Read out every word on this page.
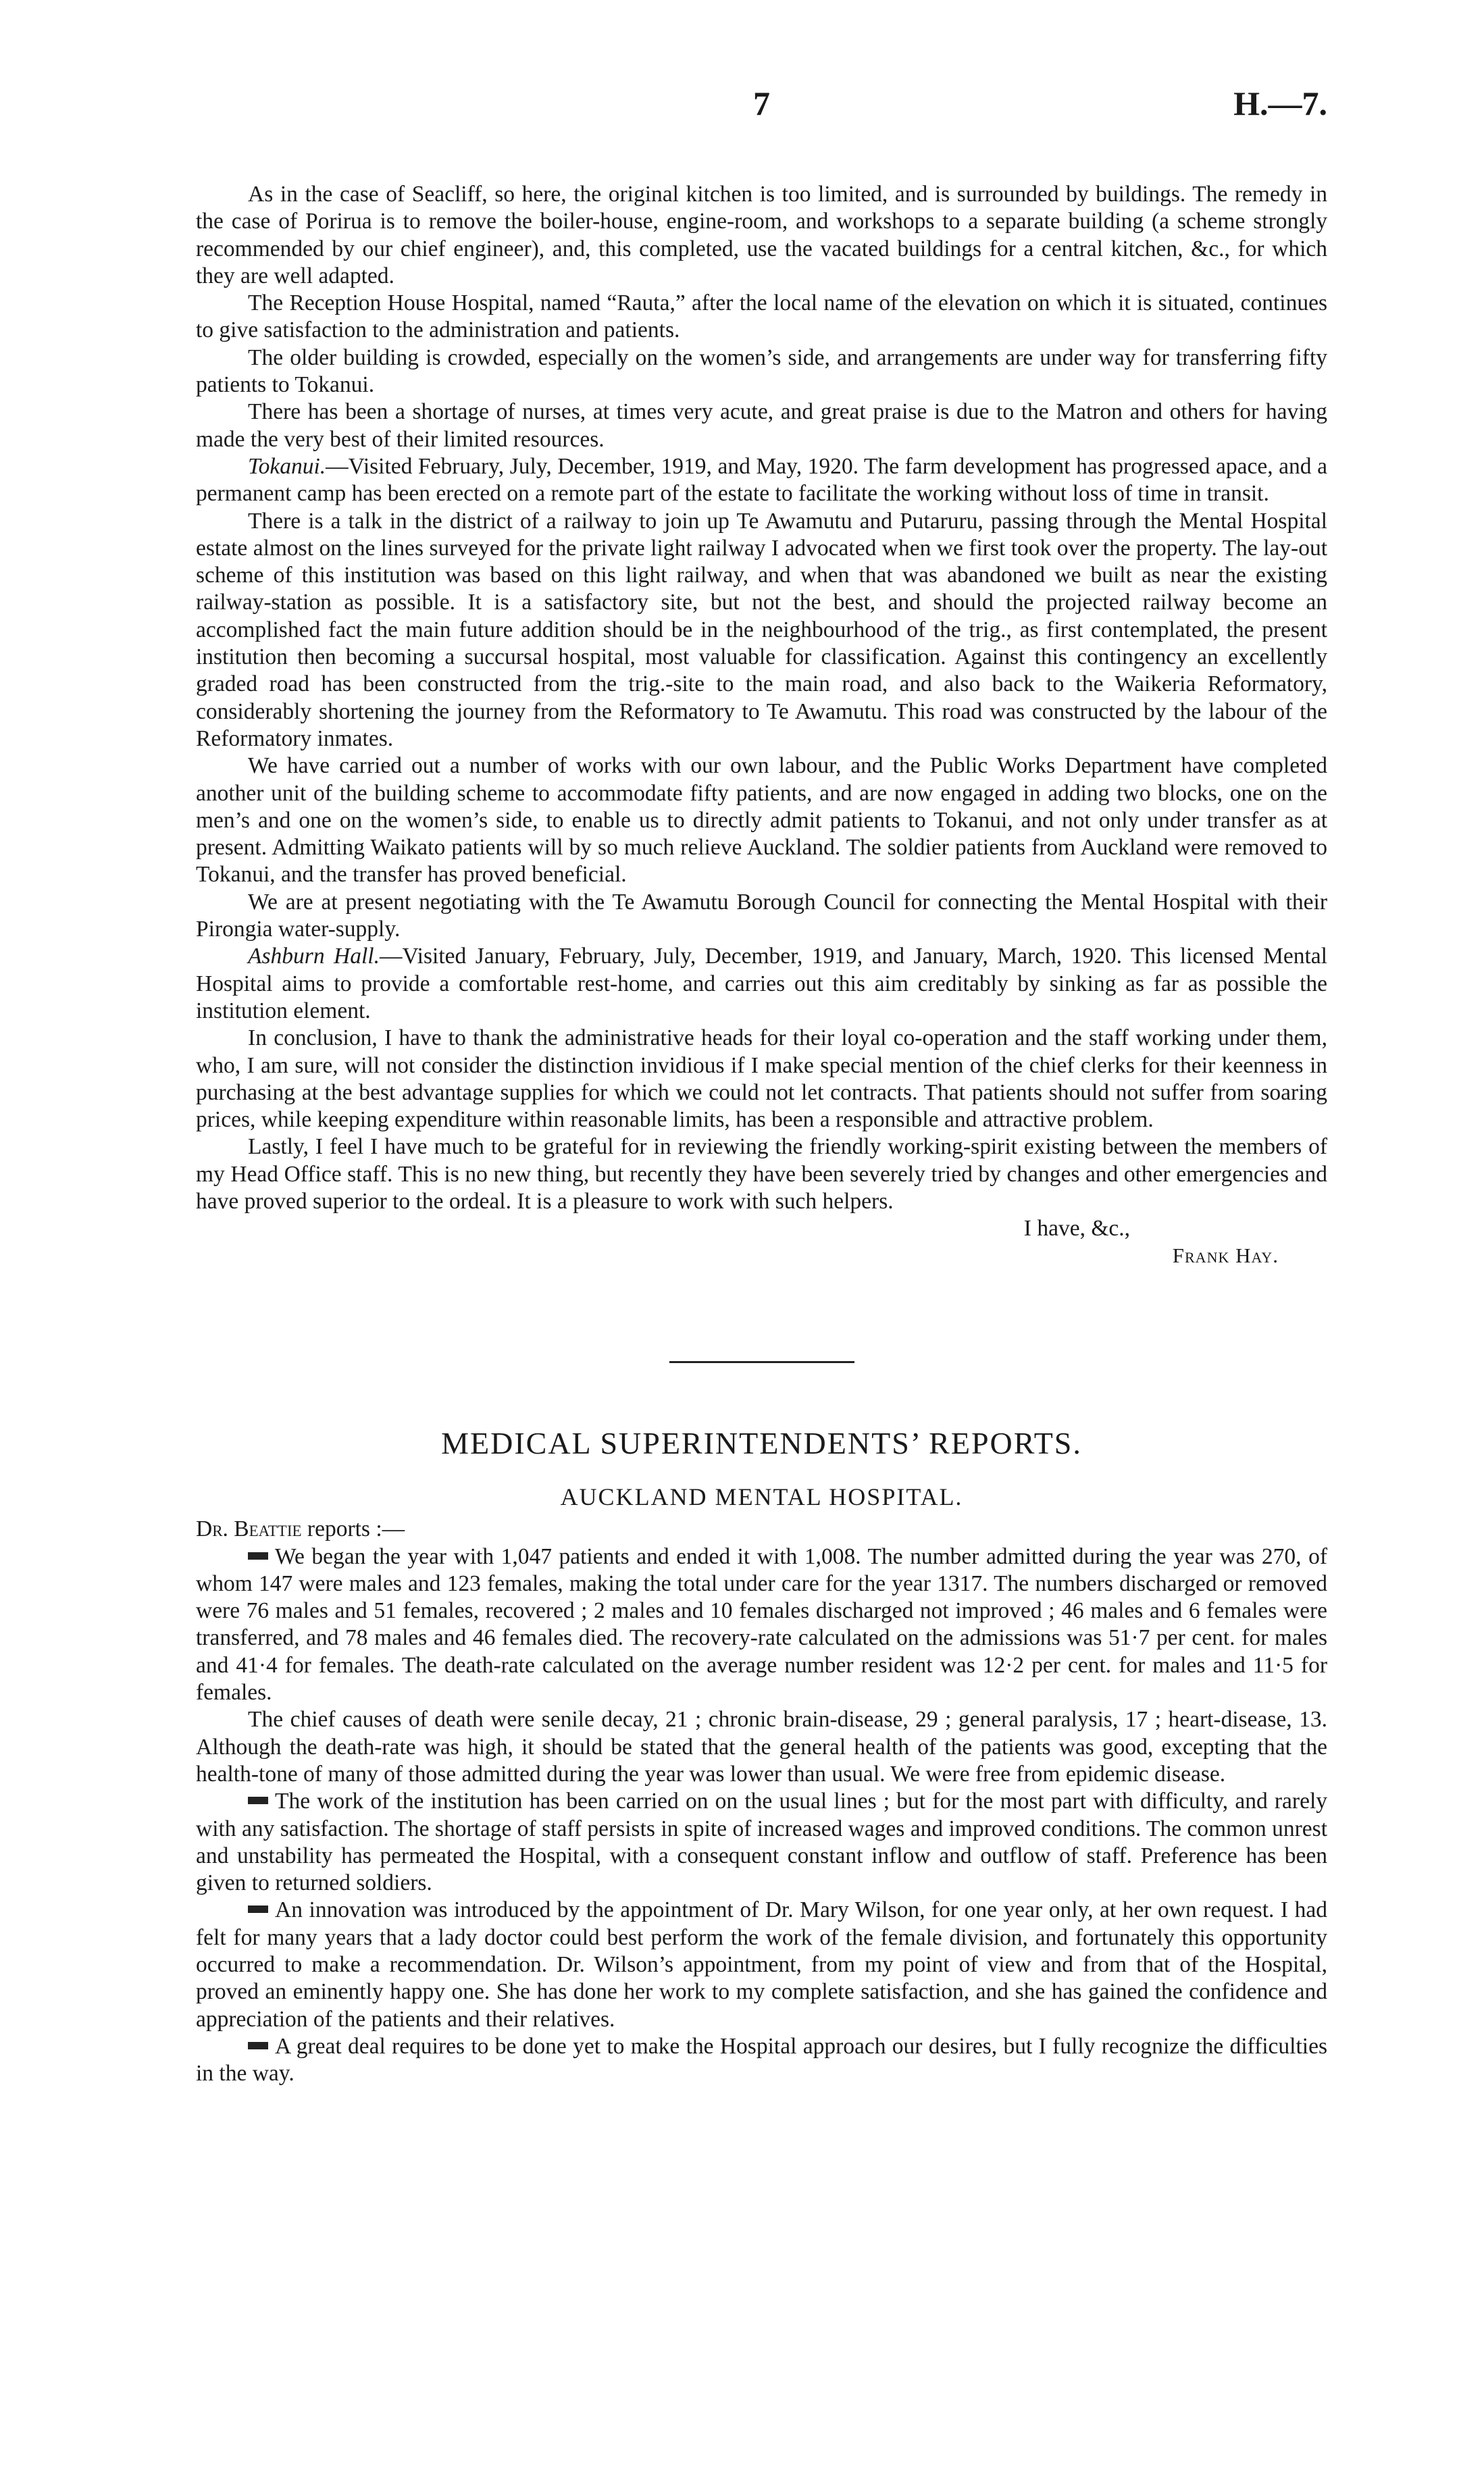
7	H.—7.

As in the case of Seacliff, so here, the original kitchen is too limited, and is surrounded by buildings. The remedy in the case of Porirua is to remove the boiler-house, engine-room, and workshops to a separate building (a scheme strongly recommended by our chief engineer), and, this completed, use the vacated buildings for a central kitchen, &c., for which they are well adapted.

The Reception House Hospital, named “Rauta,” after the local name of the elevation on which it is situated, continues to give satisfaction to the administration and patients.

The older building is crowded, especially on the women’s side, and arrangements are under way for transferring fifty patients to Tokanui.

There has been a shortage of nurses, at times very acute, and great praise is due to the Matron and others for having made the very best of their limited resources.

Tokanui.—Visited February, July, December, 1919, and May, 1920. The farm development has progressed apace, and a permanent camp has been erected on a remote part of the estate to facilitate the working without loss of time in transit.

There is a talk in the district of a railway to join up Te Awamutu and Putaruru, passing through the Mental Hospital estate almost on the lines surveyed for the private light railway I advocated when we first took over the property. The lay-out scheme of this institution was based on this light railway, and when that was abandoned we built as near the existing railway-station as possible. It is a satisfactory site, but not the best, and should the projected railway become an accomplished fact the main future addition should be in the neighbourhood of the trig., as first contemplated, the present institution then becoming a succursal hospital, most valuable for classification. Against this contingency an excellently graded road has been constructed from the trig.-site to the main road, and also back to the Waikeria Reformatory, considerably shortening the journey from the Reformatory to Te Awamutu. This road was constructed by the labour of the Reformatory inmates.

We have carried out a number of works with our own labour, and the Public Works Department have completed another unit of the building scheme to accommodate fifty patients, and are now engaged in adding two blocks, one on the men’s and one on the women’s side, to enable us to directly admit patients to Tokanui, and not only under transfer as at present. Admitting Waikato patients will by so much relieve Auckland. The soldier patients from Auckland were removed to Tokanui, and the transfer has proved beneficial.

We are at present negotiating with the Te Awamutu Borough Council for connecting the Mental Hospital with their Pirongia water-supply.

Ashburn Hall.—Visited January, February, July, December, 1919, and January, March, 1920. This licensed Mental Hospital aims to provide a comfortable rest-home, and carries out this aim creditably by sinking as far as possible the institution element.

In conclusion, I have to thank the administrative heads for their loyal co-operation and the staff working under them, who, I am sure, will not consider the distinction invidious if I make special mention of the chief clerks for their keenness in purchasing at the best advantage supplies for which we could not let contracts. That patients should not suffer from soaring prices, while keeping expenditure within reasonable limits, has been a responsible and attractive problem.

Lastly, I feel I have much to be grateful for in reviewing the friendly working-spirit existing between the members of my Head Office staff. This is no new thing, but recently they have been severely tried by changes and other emergencies and have proved superior to the ordeal. It is a pleasure to work with such helpers.

I have, &c.,
Frank Hay.
MEDICAL SUPERINTENDENTS’ REPORTS.
AUCKLAND MENTAL HOSPITAL.

Dr. Beattie reports :—

We began the year with 1,047 patients and ended it with 1,008. The number admitted during the year was 270, of whom 147 were males and 123 females, making the total under care for the year 1317. The numbers discharged or removed were 76 males and 51 females, recovered ; 2 males and 10 females discharged not improved ; 46 males and 6 females were transferred, and 78 males and 46 females died. The recovery-rate calculated on the admissions was 51·7 per cent. for males and 41·4 for females. The death-rate calculated on the average number resident was 12·2 per cent. for males and 11·5 for females.

The chief causes of death were senile decay, 21 ; chronic brain-disease, 29 ; general paralysis, 17 ; heart-disease, 13. Although the death-rate was high, it should be stated that the general health of the patients was good, excepting that the health-tone of many of those admitted during the year was lower than usual. We were free from epidemic disease.

The work of the institution has been carried on on the usual lines ; but for the most part with difficulty, and rarely with any satisfaction. The shortage of staff persists in spite of increased wages and improved conditions. The common unrest and unstability has permeated the Hospital, with a consequent constant inflow and outflow of staff. Preference has been given to returned soldiers.

An innovation was introduced by the appointment of Dr. Mary Wilson, for one year only, at her own request. I had felt for many years that a lady doctor could best perform the work of the female division, and fortunately this opportunity occurred to make a recommendation. Dr. Wilson’s appointment, from my point of view and from that of the Hospital, proved an eminently happy one. She has done her work to my complete satisfaction, and she has gained the confidence and appreciation of the patients and their relatives.

A great deal requires to be done yet to make the Hospital approach our desires, but I fully recognize the difficulties in the way.
